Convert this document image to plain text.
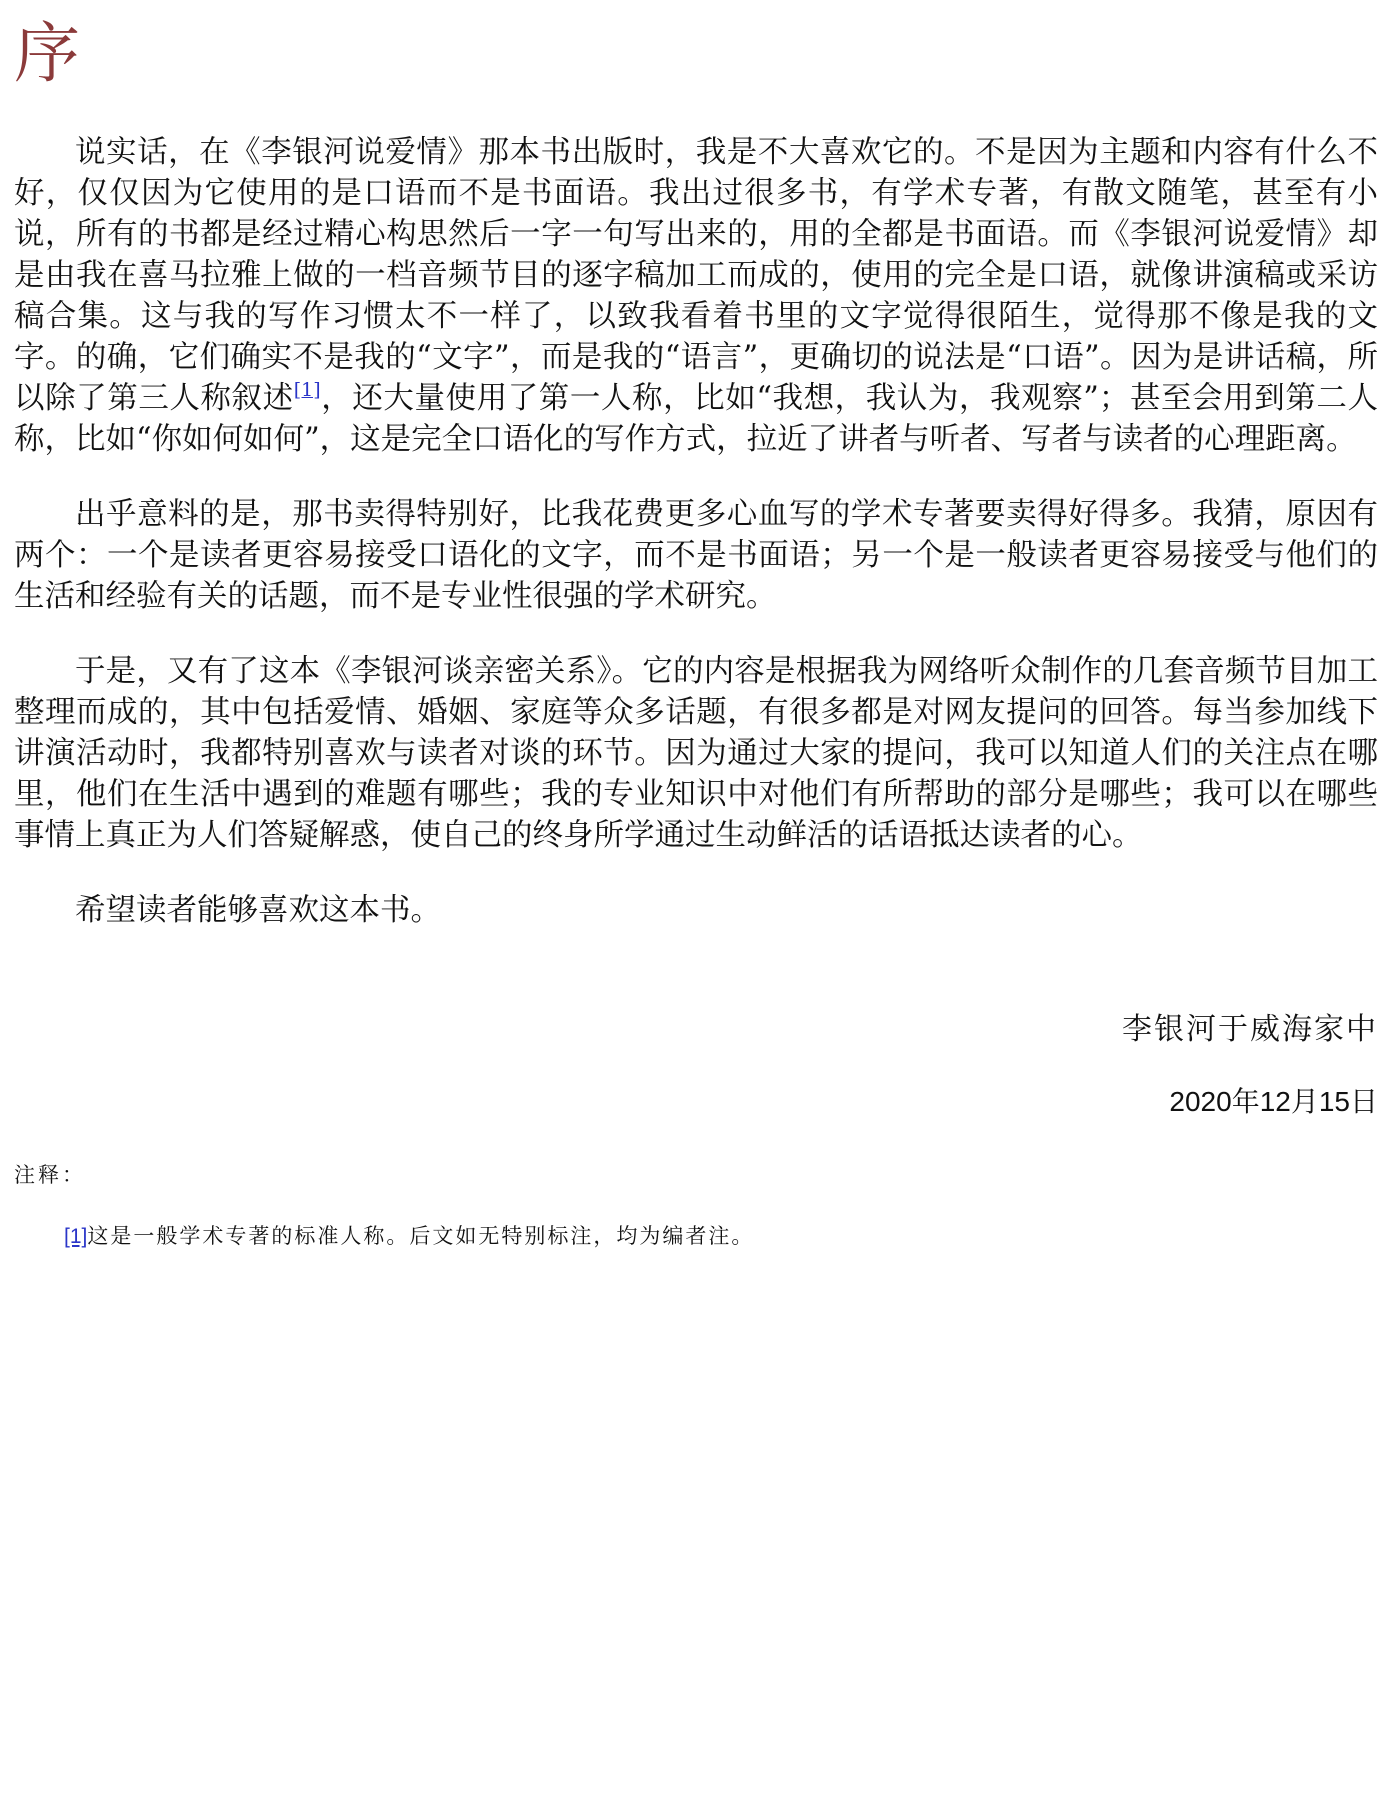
序

说实话，在《李银河说爱情》那本书出版时，我是不大喜欢它的。不是因为主题和内容有什么不好，仅仅因为它使用的是口语而不是书面语。我出过很多书，有学术专著，有散文随笔，甚至有小说，所有的书都是经过精心构思然后一字一句写出来的，用的全都是书面语。而《李银河说爱情》却是由我在喜马拉雅上做的一档音频节目的逐字稿加工而成的，使用的完全是口语，就像讲演稿或采访稿合集。这与我的写作习惯太不一样了，以致我看着书里的文字觉得很陌生，觉得那不像是我的文字。的确，它们确实不是我的“文字”，而是我的“语言”，更确切的说法是“口语”。因为是讲话稿，所以除了第三人称叙述[1]，还大量使用了第一人称，比如“我想，我认为，我观察”；甚至会用到第二人称，比如“你如何如何”，这是完全口语化的写作方式，拉近了讲者与听者、写者与读者的心理距离。

出乎意料的是，那书卖得特别好，比我花费更多心血写的学术专著要卖得好得多。我猜，原因有两个：一个是读者更容易接受口语化的文字，而不是书面语；另一个是一般读者更容易接受与他们的生活和经验有关的话题，而不是专业性很强的学术研究。

于是，又有了这本《李银河谈亲密关系》。它的内容是根据我为网络听众制作的几套音频节目加工整理而成的，其中包括爱情、婚姻、家庭等众多话题，有很多都是对网友提问的回答。每当参加线下讲演活动时，我都特别喜欢与读者对谈的环节。因为通过大家的提问，我可以知道人们的关注点在哪里，他们在生活中遇到的难题有哪些；我的专业知识中对他们有所帮助的部分是哪些；我可以在哪些事情上真正为人们答疑解惑，使自己的终身所学通过生动鲜活的话语抵达读者的心。

希望读者能够喜欢这本书。

李银河于威海家中
2020年12月15日
注释：
[1]这是一般学术专著的标准人称。后文如无特别标注，均为编者注。
